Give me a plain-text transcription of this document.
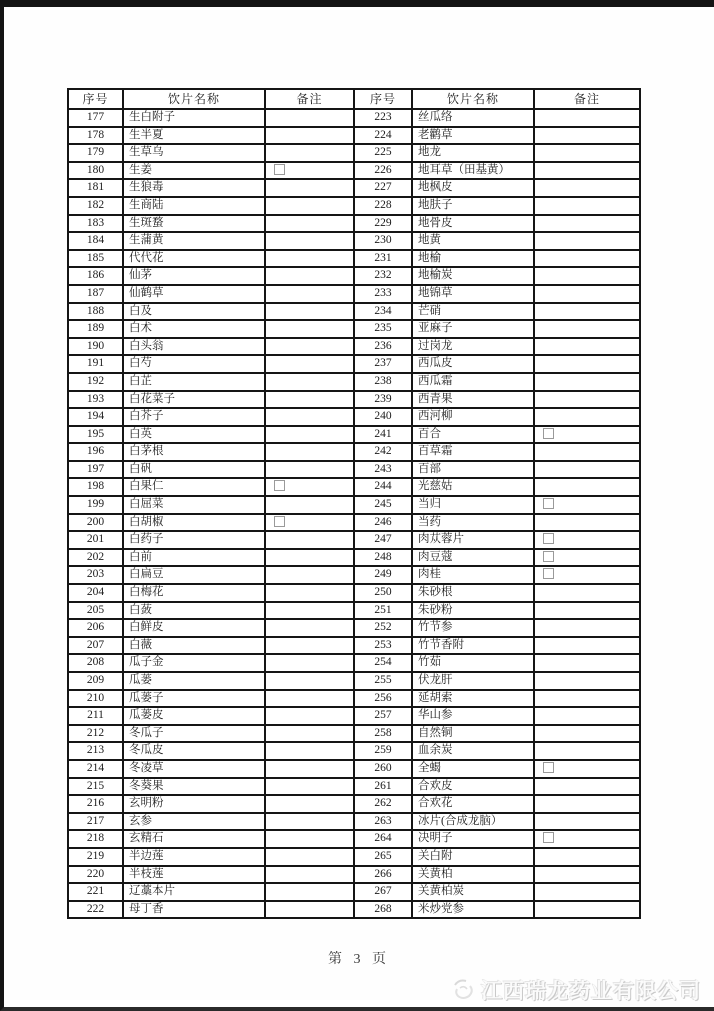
序号	饮片名称	备注	序号	饮片名称	备注
177	生白附子		223	丝瓜络	
178	生半夏		224	老鹳草	
179	生草乌		225	地龙	
180	生姜		226	地耳草（田基黄）	
181	生狼毒		227	地枫皮	
182	生商陆		228	地肤子	
183	生斑蝥		229	地骨皮	
184	生蒲黄		230	地黄	
185	代代花		231	地榆	
186	仙茅		232	地榆炭	
187	仙鹤草		233	地锦草	
188	白及		234	芒硝	
189	白术		235	亚麻子	
190	白头翁		236	过岗龙	
191	白芍		237	西瓜皮	
192	白芷		238	西瓜霜	
193	白花菜子		239	西青果	
194	白芥子		240	西河柳	
195	白英		241	百合	
196	白茅根		242	百草霜	
197	白矾		243	百部	
198	白果仁		244	光慈姑	
199	白屈菜		245	当归	
200	白胡椒		246	当药	
201	白药子		247	肉苁蓉片	
202	白前		248	肉豆蔻	
203	白扁豆		249	肉桂	
204	白梅花		250	朱砂根	
205	白蔹		251	朱砂粉	
206	白鲜皮		252	竹节参	
207	白薇		253	竹节香附	
208	瓜子金		254	竹茹	
209	瓜蒌		255	伏龙肝	
210	瓜蒌子		256	延胡索	
211	瓜蒌皮		257	华山参	
212	冬瓜子		258	自然铜	
213	冬瓜皮		259	血余炭	
214	冬凌草		260	全蝎	
215	冬葵果		261	合欢皮	
216	玄明粉		262	合欢花	
217	玄参		263	冰片(合成龙脑）	
218	玄精石		264	决明子	
219	半边莲		265	关白附	
220	半枝莲		266	关黄柏	
221	辽藁本片		267	关黄柏炭	
222	母丁香		268	米炒党参	
第 3 页
江西瑞龙药业有限公司
